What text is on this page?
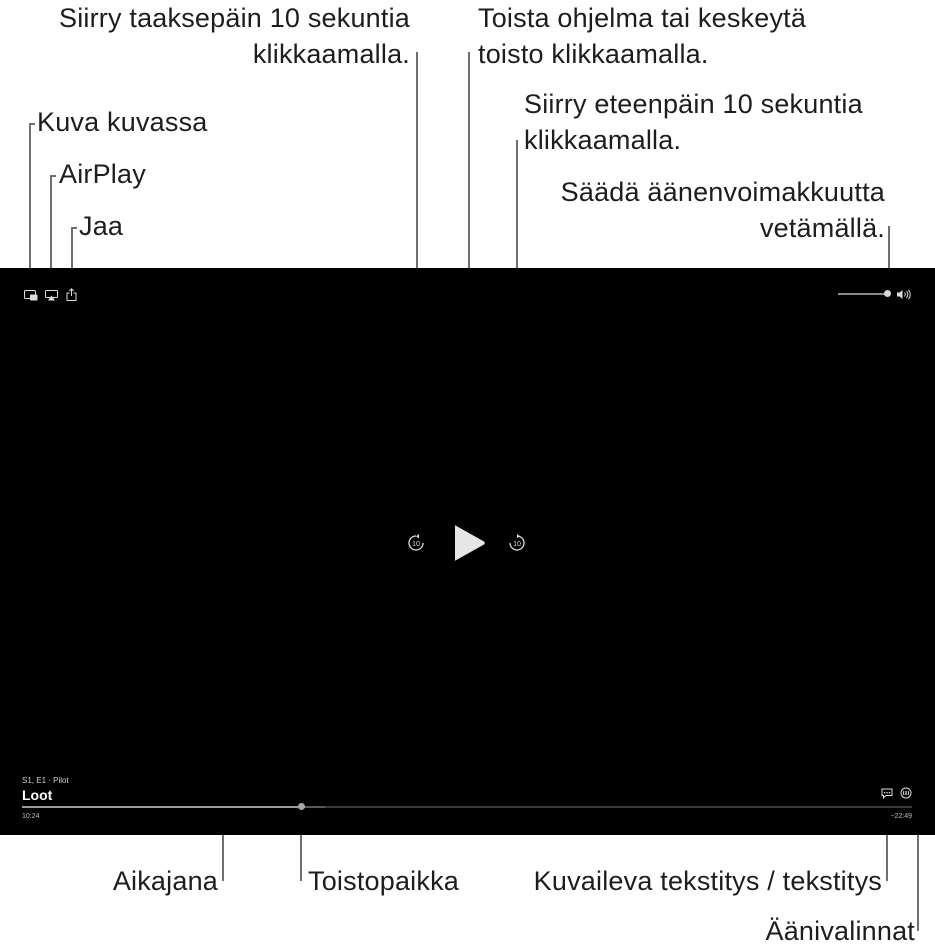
Kuva kuvassa
AirPlay
Jaa
Siirry taaksepäin 10 sekuntia
klikkaamalla.
Toista ohjelma tai keskeytä
toisto klikkaamalla.
Siirry eteenpäin 10 sekuntia
klikkaamalla.
Säädä äänenvoimakkuutta
vetämällä.
Aikajana	Toistopaikka	Kuvaileva tekstitys / tekstitys
Äänivalinnat
10	10
S1, E1 · Pilot
Loot
10:24	−22:49
